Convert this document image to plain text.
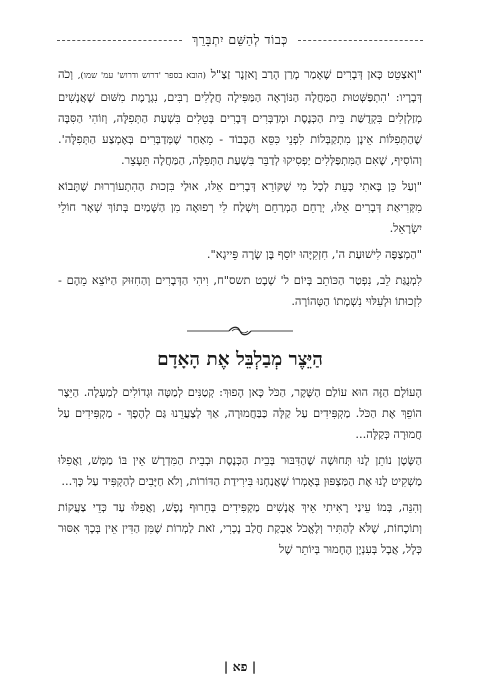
כְּבוֹד לְהַשֵּׁם יִתְבָּרֵךְ

"וְאצַטֵט כָּאן דְּבָרִים שֶׁאָמַר מָרַן הָרַב וָאזְנֶר זַצַ"ל (הובא בספר 'דרוש ודרוש' עמ' שמו), וְכֹה דְּבָרָיו: 'הִתְפַּשְּׁטוּת הַמַּחֲלָה הַנּוֹרָאָה הַמַּפִּילָה חֲלָלִים רַבִּים, נִגְרֶמֶת מִשּׁוּם שֶׁאֲנָשִׁים מְזַלְזְלִים בִּקְדֻשַּׁת בֵּית הַכְּנֶסֶת וּמְדַבְּרִים דְּבָרִים בְּטֵלִים בִּשְׁעַת הַתְּפִלָּה, וְזוֹהִי הַסִּבָּה שֶׁהַתְּפִלּוֹת אֵינָן מִתְקַבְּלוֹת לִפְנֵי כִּסֵּא הַכָּבוֹד - מֵאַחַר שֶׁמְּדַבְּרִים בְּאֶמְצַע הַתְּפִלָּה'. וְהוֹסִיף, שֶׁאִם הַמִּתְפַּלְּלִים יַפְסִיקוּ לְדַבֵּר בִּשְׁעַת הַתְּפִלָּה, הַמַּחֲלָה תֵּעָצֵר.

"וְעַל כֵּן בָּאתִי כָּעֵת לְכָל מִי שֶׁקּוֹרֵא דְּבָרִים אֵלּוּ, אוּלַי בִּזְכוּת הַהִתְעוֹרְרוּת שֶׁתָּבוֹא מִקְּרִיאַת דְּבָרִים אֵלּוּ, יְרַחֵם הַמְרַחֵם וְיִשְׁלַח לִי רְפוּאָה מִן הַשָּׁמַיִם בְּתוֹךְ שְׁאָר חוֹלֵי יִשְׂרָאֵל.

"הַמְצַפֶּה לִישׁוּעַת ה', חִזְקִיָּהוּ יוֹסֵף בֶּן שָׂרָה פֵּייגָא".

לִמְנֻגַּת לֵב, נִפְטַר הַכּוֹתֵב בְּיוֹם ל' שְׁבָט תשס"ח, וִיהִי הַדְּבָרִים וְהַחִזּוּק הַיּוֹצֵא מֵהֶם - לִזְכוּתוֹ וּלְעִלּוּי נִשְׁמָתוֹ הַטְּהוֹרָה.

הַיֵּצֶר מְבַלְבֵּל אֶת הָאָדָם

הָעוֹלָם הַזֶּה הוּא עוֹלַם הַשֶּׁקֶר, הַכֹּל כָּאן הָפוּךְ: קְטַנִּים לְמַטָּה וּגְדוֹלִים לְמַעְלָה. הַיֵּצֶר הוֹפֵךְ אֶת הַכֹּל. מַקְפִּידִים עַל קַלָּה כַּבַּחֲמוּרָה, אַךְ לְצַעֲרֵנוּ גַּם לְהֶפֶךְ - מַקְפִּידִים עַל חֲמוּרָה כְּקַלָּה...

הַשָּׂטָן נוֹתֵן לָנוּ תְּחוּשָׁה שֶׁהַדִּבּוּר בְּבֵית הַכְּנֶסֶת וּבְבֵית הַמִּדְרָשׁ אֵין בּוֹ מַמָּשׁ, וַאֲפִלּוּ מַשְׁקִיט לָנוּ אֶת הַמַּצְפּוּן בְּאָמְרוֹ שֶׁאֲנַחְנוּ בִּירִידַת הַדּוֹרוֹת, וְלֹא חַיָּבִים לְהַקְפִּיד עַל כָּךְ...

וְהִנֵּה, בְּמוֹ עֵינַי רָאִיתִי אֵיךְ אֲנָשִׁים מַקְפִּידִים בְּחֵרוּף נֶפֶשׁ, וַאֲפִלּוּ עַד כְּדֵי צַעֲקוֹת וְתוֹכָחוֹת, שֶׁלֹּא לְהַתִּיר וְלֶאֱכֹל אַבְקַת חֲלַב נָכְרִי, זֹאת לַמְרוֹת שֶׁמִּן הַדִּין אֵין בְּכָךְ אִסּוּר כְּלָל, אֲבָל בְּעִנְיָן הֶחָמוּר בְּיוֹתֵר שֶׁל

| פא |
